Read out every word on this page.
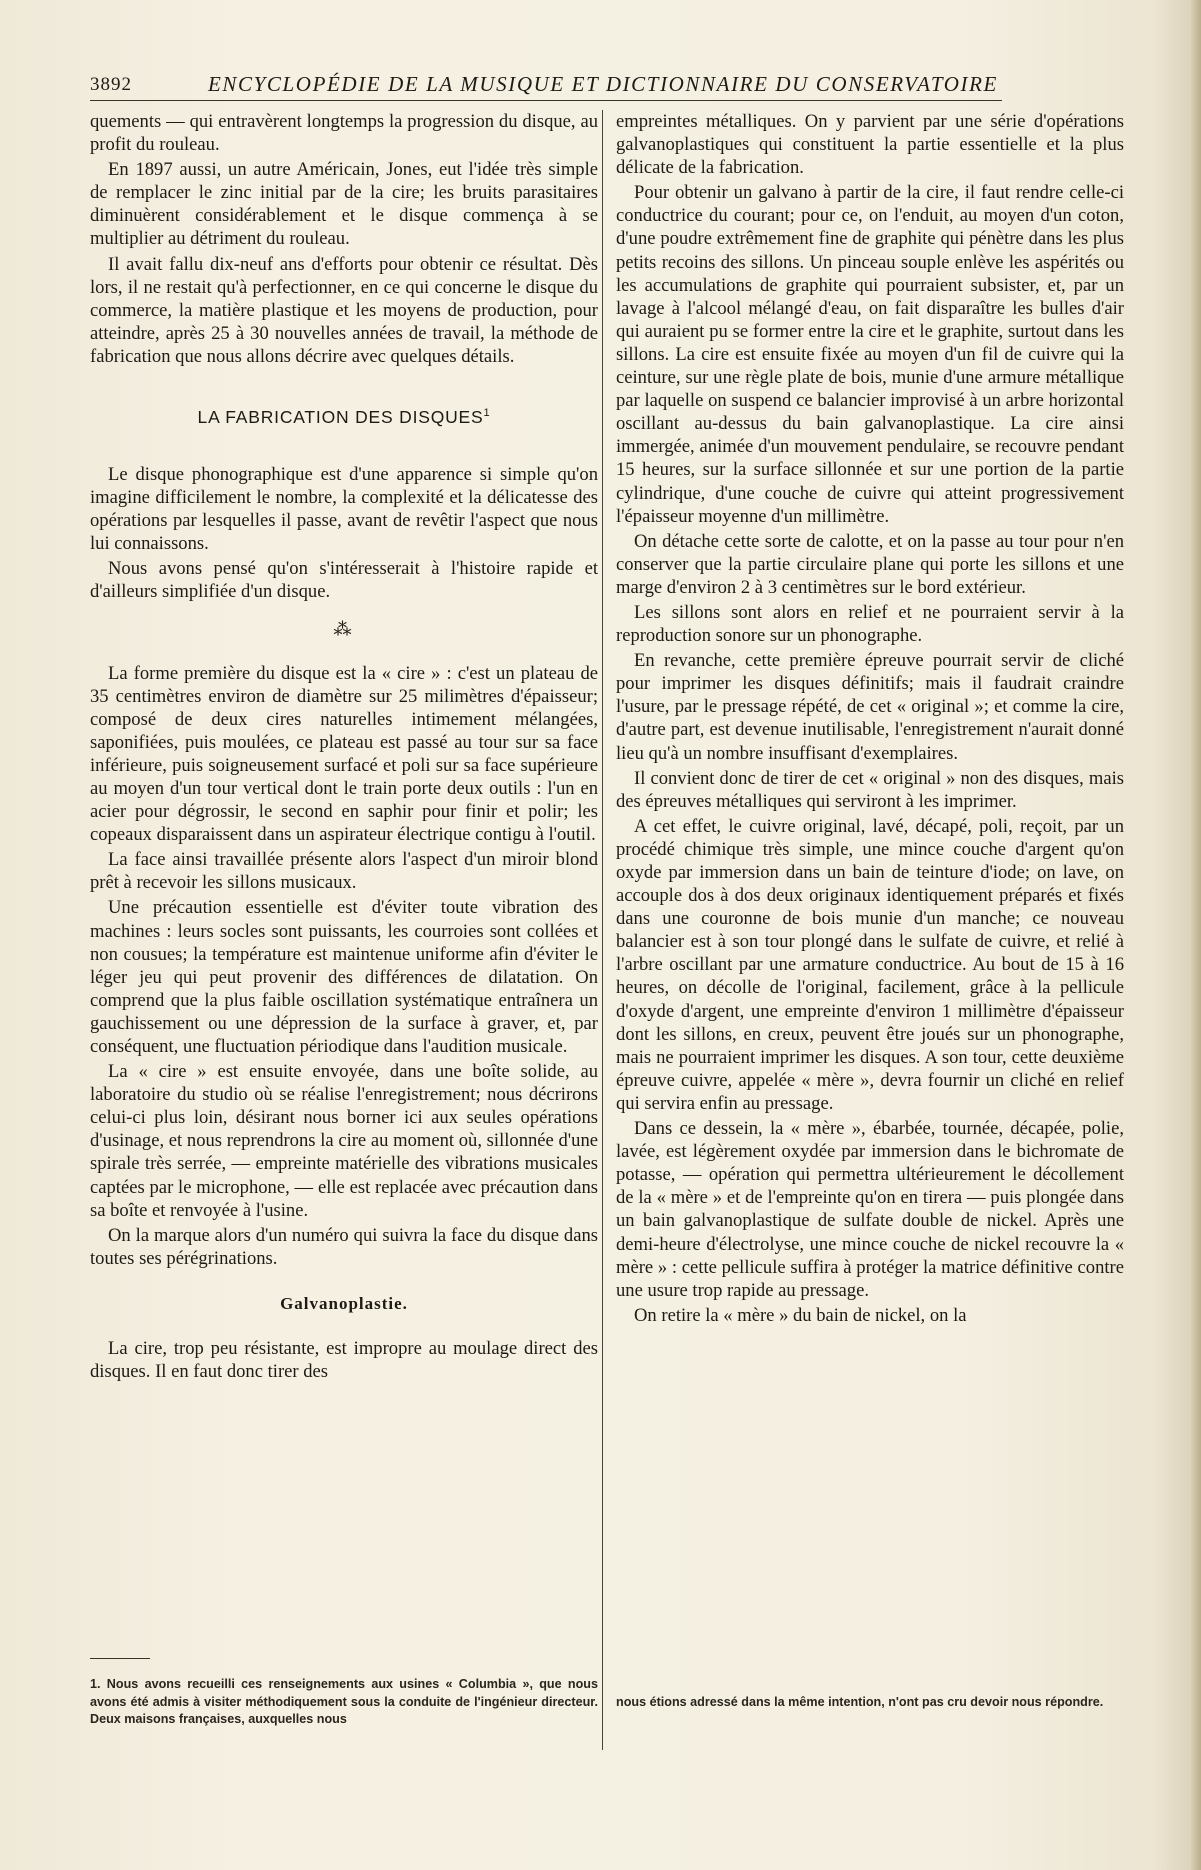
3892	ENCYCLOPÉDIE DE LA MUSIQUE ET DICTIONNAIRE DU CONSERVATOIRE

quements — qui entravèrent longtemps la progression du disque, au profit du rouleau.

En 1897 aussi, un autre Américain, Jones, eut l'idée très simple de remplacer le zinc initial par de la cire; les bruits parasitaires diminuèrent considérablement et le disque commença à se multiplier au détriment du rouleau.

Il avait fallu dix-neuf ans d'efforts pour obtenir ce résultat. Dès lors, il ne restait qu'à perfectionner, en ce qui concerne le disque du commerce, la matière plastique et les moyens de production, pour atteindre, après 25 à 30 nouvelles années de travail, la méthode de fabrication que nous allons décrire avec quelques détails.

LA FABRICATION DES DISQUES$^1$

Le disque phonographique est d'une apparence si simple qu'on imagine difficilement le nombre, la complexité et la délicatesse des opérations par lesquelles il passe, avant de revêtir l'aspect que nous lui connaissons.

Nous avons pensé qu'on s'intéresserait à l'histoire rapide et d'ailleurs simplifiée d'un disque.

⁂

La forme première du disque est la « cire » : c'est un plateau de 35 centimètres environ de diamètre sur 25 milimètres d'épaisseur; composé de deux cires naturelles intimement mélangées, saponifiées, puis moulées, ce plateau est passé au tour sur sa face inférieure, puis soigneusement surfacé et poli sur sa face supérieure au moyen d'un tour vertical dont le train porte deux outils : l'un en acier pour dégrossir, le second en saphir pour finir et polir; les copeaux disparaissent dans un aspirateur électrique contigu à l'outil.

La face ainsi travaillée présente alors l'aspect d'un miroir blond prêt à recevoir les sillons musicaux.

Une précaution essentielle est d'éviter toute vibration des machines : leurs socles sont puissants, les courroies sont collées et non cousues; la température est maintenue uniforme afin d'éviter le léger jeu qui peut provenir des différences de dilatation. On comprend que la plus faible oscillation systématique entraînera un gauchissement ou une dépression de la surface à graver, et, par conséquent, une fluctuation périodique dans l'audition musicale.

La « cire » est ensuite envoyée, dans une boîte solide, au laboratoire du studio où se réalise l'enregistrement; nous décrirons celui-ci plus loin, désirant nous borner ici aux seules opérations d'usinage, et nous reprendrons la cire au moment où, sillonnée d'une spirale très serrée, — empreinte matérielle des vibrations musicales captées par le microphone, — elle est replacée avec précaution dans sa boîte et renvoyée à l'usine.

On la marque alors d'un numéro qui suivra la face du disque dans toutes ses pérégrinations.

Galvanoplastie.

La cire, trop peu résistante, est impropre au moulage direct des disques. Il en faut donc tirer des

empreintes métalliques. On y parvient par une série d'opérations galvanoplastiques qui constituent la partie essentielle et la plus délicate de la fabrication.

Pour obtenir un galvano à partir de la cire, il faut rendre celle-ci conductrice du courant; pour ce, on l'enduit, au moyen d'un coton, d'une poudre extrêmement fine de graphite qui pénètre dans les plus petits recoins des sillons. Un pinceau souple enlève les aspérités ou les accumulations de graphite qui pourraient subsister, et, par un lavage à l'alcool mélangé d'eau, on fait disparaître les bulles d'air qui auraient pu se former entre la cire et le graphite, surtout dans les sillons. La cire est ensuite fixée au moyen d'un fil de cuivre qui la ceinture, sur une règle plate de bois, munie d'une armure métallique par laquelle on suspend ce balancier improvisé à un arbre horizontal oscillant au-dessus du bain galvanoplastique. La cire ainsi immergée, animée d'un mouvement pendulaire, se recouvre pendant 15 heures, sur la surface sillonnée et sur une portion de la partie cylindrique, d'une couche de cuivre qui atteint progressivement l'épaisseur moyenne d'un millimètre.

On détache cette sorte de calotte, et on la passe au tour pour n'en conserver que la partie circulaire plane qui porte les sillons et une marge d'environ 2 à 3 centimètres sur le bord extérieur.

Les sillons sont alors en relief et ne pourraient servir à la reproduction sonore sur un phonographe.

En revanche, cette première épreuve pourrait servir de cliché pour imprimer les disques définitifs; mais il faudrait craindre l'usure, par le pressage répété, de cet « original »; et comme la cire, d'autre part, est devenue inutilisable, l'enregistrement n'aurait donné lieu qu'à un nombre insuffisant d'exemplaires.

Il convient donc de tirer de cet « original » non des disques, mais des épreuves métalliques qui serviront à les imprimer.

A cet effet, le cuivre original, lavé, décapé, poli, reçoit, par un procédé chimique très simple, une mince couche d'argent qu'on oxyde par immersion dans un bain de teinture d'iode; on lave, on accouple dos à dos deux originaux identiquement préparés et fixés dans une couronne de bois munie d'un manche; ce nouveau balancier est à son tour plongé dans le sulfate de cuivre, et relié à l'arbre oscillant par une armature conductrice. Au bout de 15 à 16 heures, on décolle de l'original, facilement, grâce à la pellicule d'oxyde d'argent, une empreinte d'environ 1 millimètre d'épaisseur dont les sillons, en creux, peuvent être joués sur un phonographe, mais ne pourraient imprimer les disques. A son tour, cette deuxième épreuve cuivre, appelée « mère », devra fournir un cliché en relief qui servira enfin au pressage.

Dans ce dessein, la « mère », ébarbée, tournée, décapée, polie, lavée, est légèrement oxydée par immersion dans le bichromate de potasse, — opération qui permettra ultérieurement le décollement de la « mère » et de l'empreinte qu'on en tirera — puis plongée dans un bain galvanoplastique de sulfate double de nickel. Après une demi-heure d'électrolyse, une mince couche de nickel recouvre la « mère » : cette pellicule suffira à protéger la matrice définitive contre une usure trop rapide au pressage.

On retire la « mère » du bain de nickel, on la

1. Nous avons recueilli ces renseignements aux usines « Columbia », que nous avons été admis à visiter méthodiquement sous la conduite de l'ingénieur directeur. Deux maisons françaises, auxquelles nous
nous étions adressé dans la même intention, n'ont pas cru devoir nous répondre.
